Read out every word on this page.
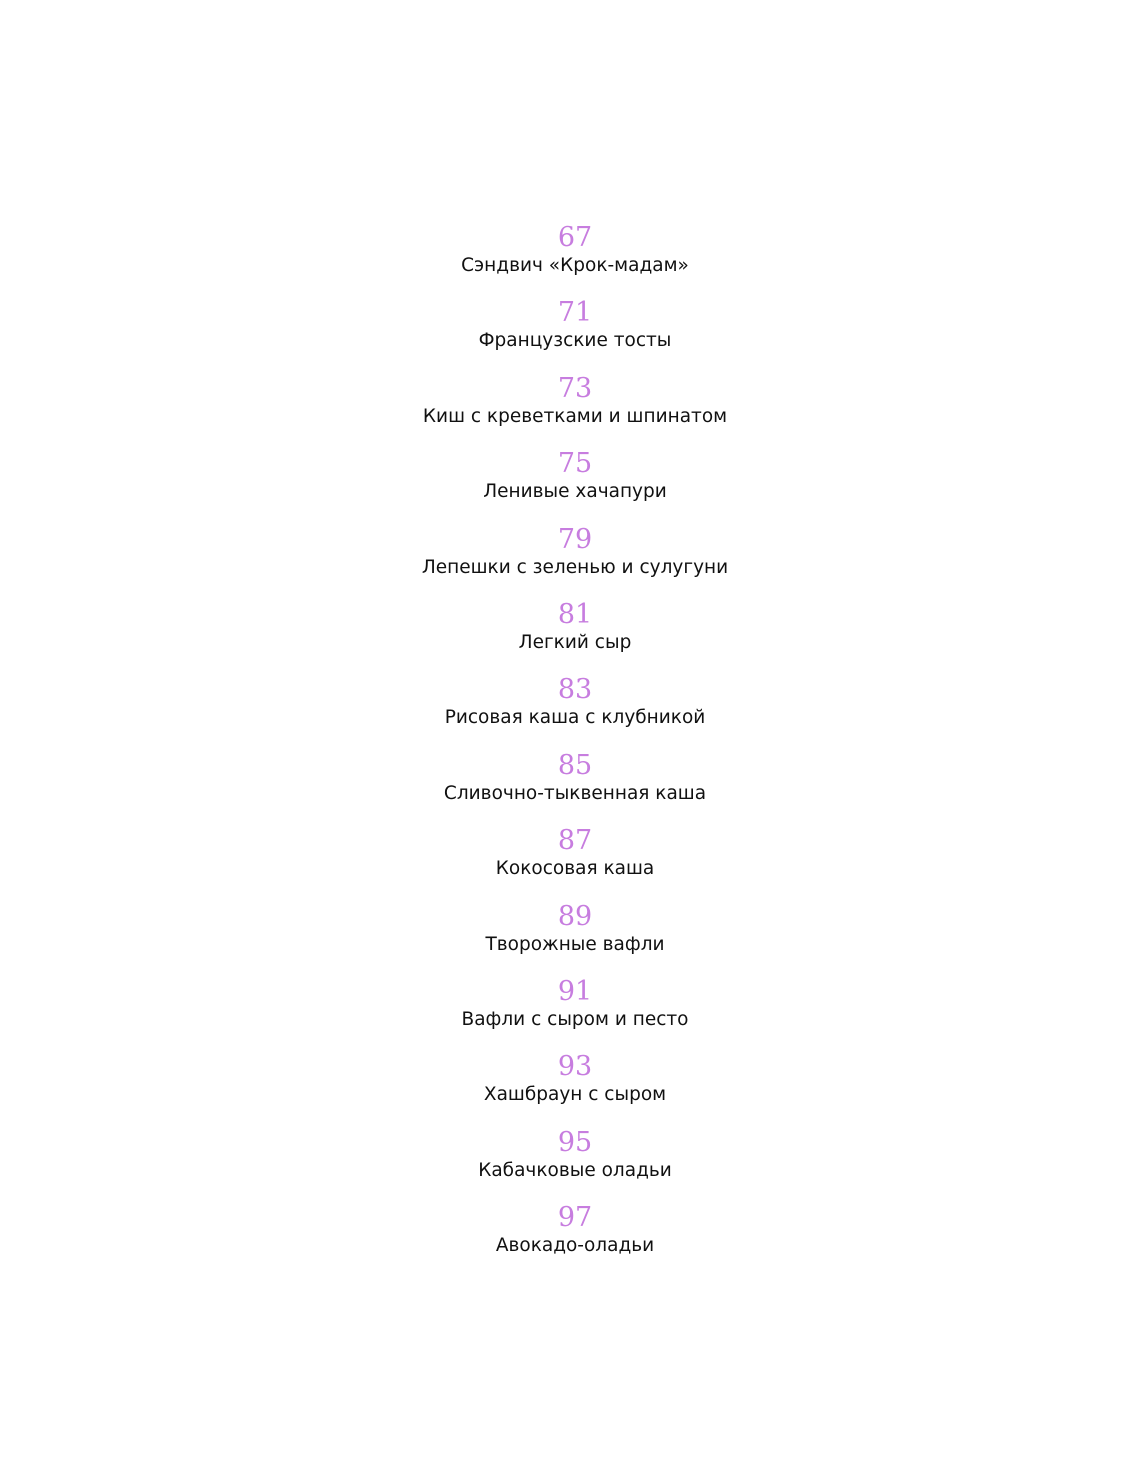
67
Сэндвич «Крок-мадам»
71
Французские тосты
73
Киш с креветками и шпинатом
75
Ленивые хачапури
79
Лепешки с зеленью и сулугуни
81
Легкий сыр
83
Рисовая каша с клубникой
85
Сливочно-тыквенная каша
87
Кокосовая каша
89
Творожные вафли
91
Вафли с сыром и песто
93
Хашбраун с сыром
95
Кабачковые оладьи
97
Авокадо-оладьи
